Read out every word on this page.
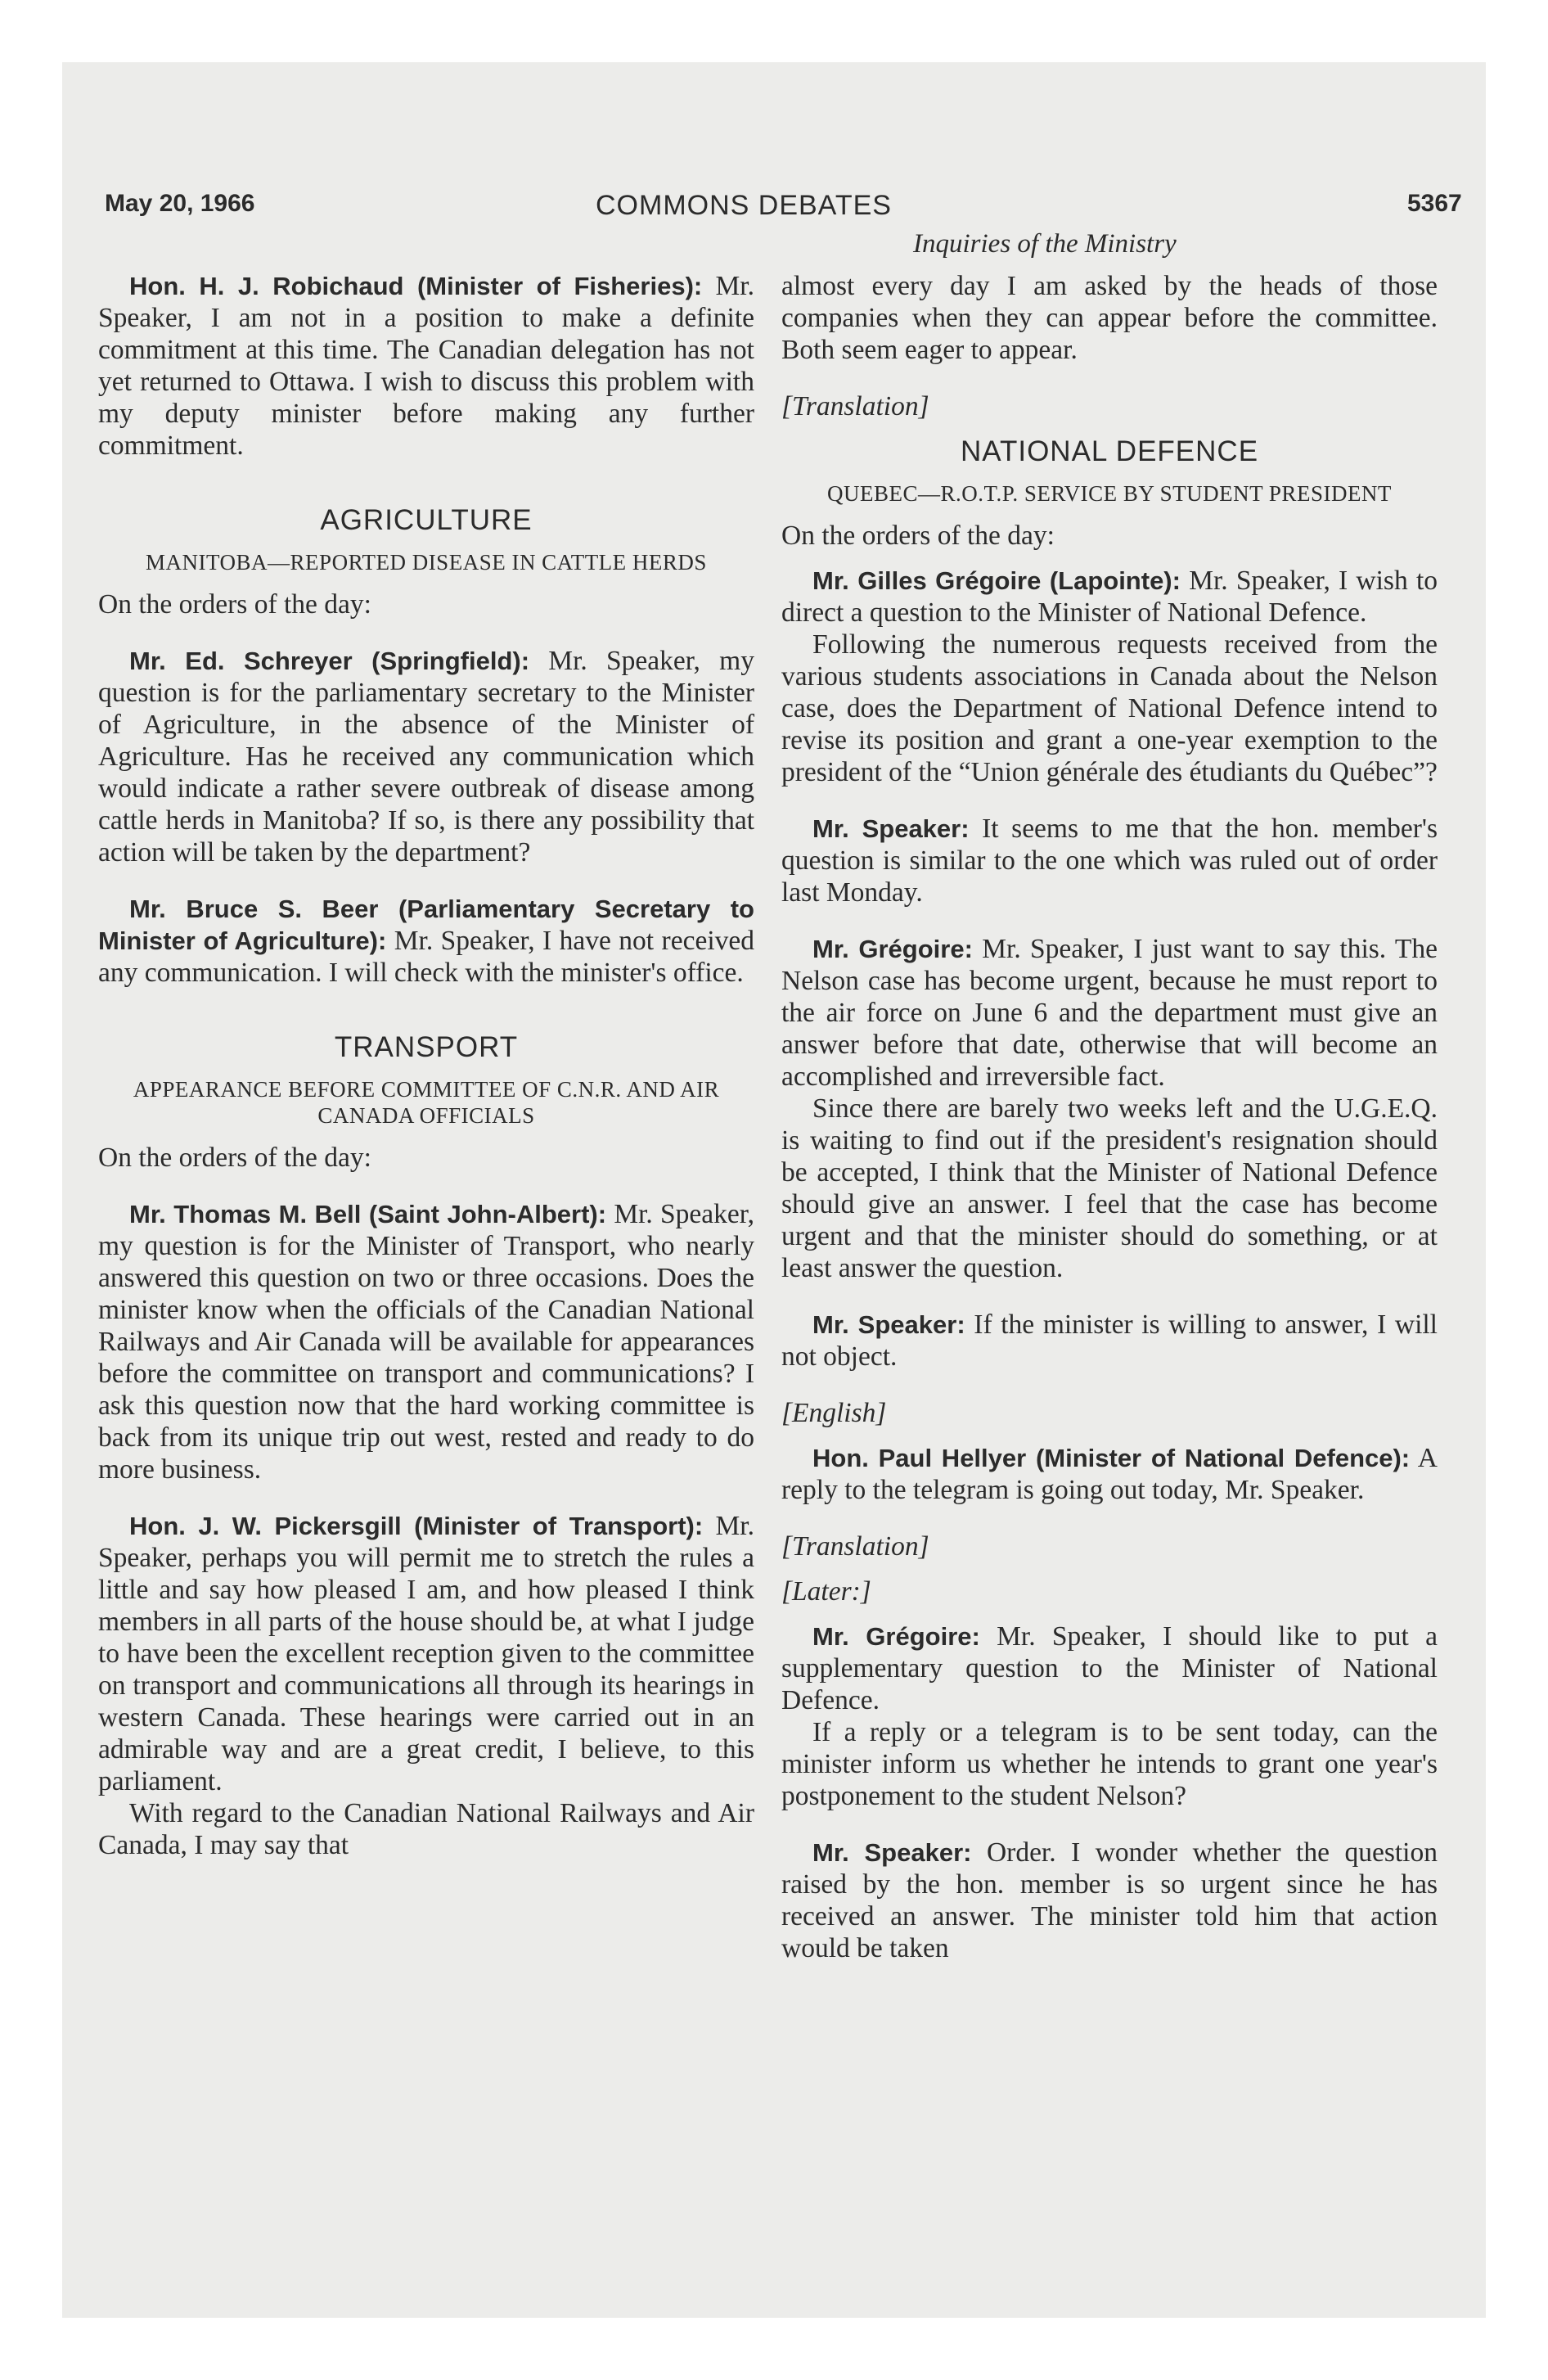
May 20, 1966	COMMONS DEBATES	5367
Inquiries of the Ministry

Hon. H. J. Robichaud (Minister of Fisheries): Mr. Speaker, I am not in a position to make a definite commitment at this time. The Canadian delegation has not yet returned to Ottawa. I wish to discuss this problem with my deputy minister before making any further commitment.

AGRICULTURE

MANITOBA—REPORTED DISEASE IN CATTLE HERDS

On the orders of the day:

Mr. Ed. Schreyer (Springfield): Mr. Speaker, my question is for the parliamentary secretary to the Minister of Agriculture, in the absence of the Minister of Agriculture. Has he received any communication which would indicate a rather severe outbreak of disease among cattle herds in Manitoba? If so, is there any possibility that action will be taken by the department?

Mr. Bruce S. Beer (Parliamentary Secretary to Minister of Agriculture): Mr. Speaker, I have not received any communication. I will check with the minister's office.

TRANSPORT

APPEARANCE BEFORE COMMITTEE OF C.N.R. AND AIR CANADA OFFICIALS

On the orders of the day:

Mr. Thomas M. Bell (Saint John-Albert): Mr. Speaker, my question is for the Minister of Transport, who nearly answered this question on two or three occasions. Does the minister know when the officials of the Canadian National Railways and Air Canada will be available for appearances before the committee on transport and communications? I ask this question now that the hard working committee is back from its unique trip out west, rested and ready to do more business.

Hon. J. W. Pickersgill (Minister of Transport): Mr. Speaker, perhaps you will permit me to stretch the rules a little and say how pleased I am, and how pleased I think members in all parts of the house should be, at what I judge to have been the excellent reception given to the committee on transport and communications all through its hearings in western Canada. These hearings were carried out in an admirable way and are a great credit, I believe, to this parliament.

With regard to the Canadian National Railways and Air Canada, I may say that

almost every day I am asked by the heads of those companies when they can appear before the committee. Both seem eager to appear.

[Translation]

NATIONAL DEFENCE

QUEBEC—R.O.T.P. SERVICE BY STUDENT PRESIDENT

On the orders of the day:

Mr. Gilles Grégoire (Lapointe): Mr. Speaker, I wish to direct a question to the Minister of National Defence.

Following the numerous requests received from the various students associations in Canada about the Nelson case, does the Department of National Defence intend to revise its position and grant a one-year exemption to the president of the “Union générale des étudiants du Québec”?

Mr. Speaker: It seems to me that the hon. member's question is similar to the one which was ruled out of order last Monday.

Mr. Grégoire: Mr. Speaker, I just want to say this. The Nelson case has become urgent, because he must report to the air force on June 6 and the department must give an answer before that date, otherwise that will become an accomplished and irreversible fact.

Since there are barely two weeks left and the U.G.E.Q. is waiting to find out if the president's resignation should be accepted, I think that the Minister of National Defence should give an answer. I feel that the case has become urgent and that the minister should do something, or at least answer the question.

Mr. Speaker: If the minister is willing to answer, I will not object.

[English]

Hon. Paul Hellyer (Minister of National Defence): A reply to the telegram is going out today, Mr. Speaker.

[Translation]

[Later:]

Mr. Grégoire: Mr. Speaker, I should like to put a supplementary question to the Minister of National Defence.

If a reply or a telegram is to be sent today, can the minister inform us whether he intends to grant one year's postponement to the student Nelson?

Mr. Speaker: Order. I wonder whether the question raised by the hon. member is so urgent since he has received an answer. The minister told him that action would be taken
